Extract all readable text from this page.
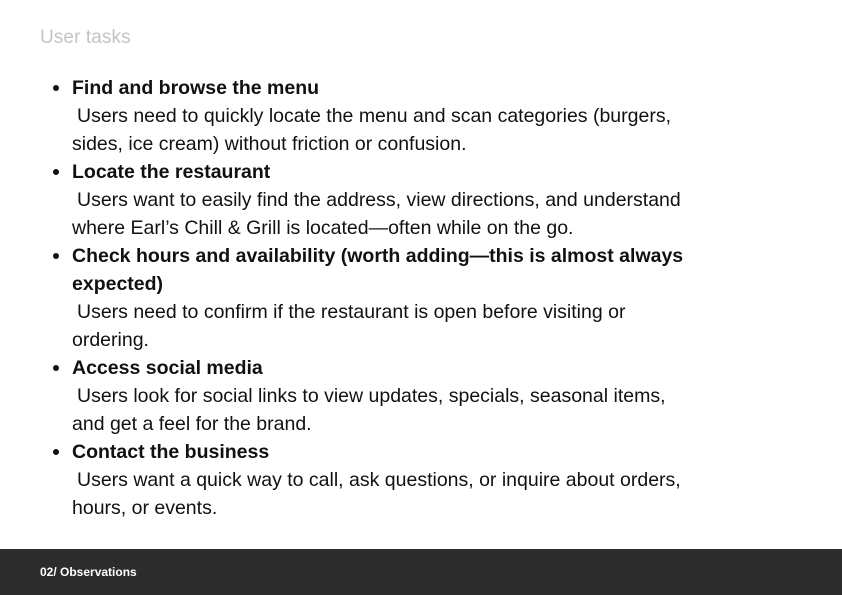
User tasks
Find and browse the menu
Users need to quickly locate the menu and scan categories (burgers,
sides, ice cream) without friction or confusion.
Locate the restaurant
Users want to easily find the address, view directions, and understand
where Earl’s Chill & Grill is located—often while on the go.
Check hours and availability (worth adding—this is almost always
expected)
Users need to confirm if the restaurant is open before visiting or
ordering.
Access social media
Users look for social links to view updates, specials, seasonal items,
and get a feel for the brand.
Contact the business
Users want a quick way to call, ask questions, or inquire about orders,
hours, or events.
02/ Observations
